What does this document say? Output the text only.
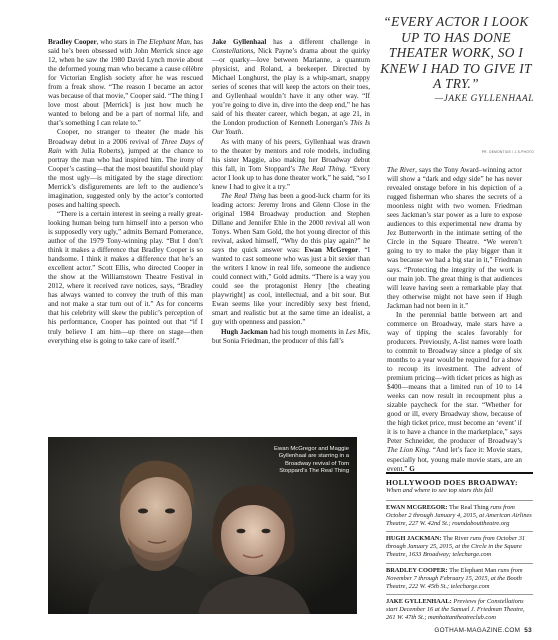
“EVERY ACTOR I LOOK UP TO HAS DONE THEATER WORK, SO I KNEW I HAD TO GIVE IT A TRY.”

—JAKE GYLLENHAAL
PR. DEMONTIUS / J.S.PHOTO

Bradley Cooper, who stars in The Elephant Man, has said he’s been obsessed with John Merrick since age 12, when he saw the 1980 David Lynch movie about the deformed young man who became a cause célèbre for Victorian English society after he was rescued from a freak show. “The reason I became an actor was because of that movie,” Cooper said. “The thing I love most about [Merrick] is just how much he wanted to belong and be a part of normal life, and that’s something I can relate to.”

Cooper, no stranger to theater (he made his Broadway debut in a 2006 revival of Three Days of Rain with Julia Roberts), jumped at the chance to portray the man who had inspired him. The irony of Cooper’s casting—that the most beautiful should play the most ugly—is mitigated by the stage direction: Merrick’s disfigurements are left to the audience’s imagination, suggested only by the actor’s contorted poses and halting speech.

“There is a certain interest in seeing a really great-looking human being turn himself into a person who is supposedly very ugly,” admits Bernard Pomerance, author of the 1979 Tony-winning play. “But I don’t think it makes a difference that Bradley Cooper is so handsome. I think it makes a difference that he’s an excellent actor.” Scott Ellis, who directed Cooper in the show at the Williamstown Theatre Festival in 2012, where it received rave notices, says, “Bradley has always wanted to convey the truth of this man and not make a star turn out of it.” As for concerns that his celebrity will skew the public’s perception of his performance, Cooper has pointed out that “if I truly believe I am him—up there on stage—then everything else is going to take care of itself.”

Jake Gyllenhaal has a different challenge in Constellations, Nick Payne’s drama about the quirky—or quarky—love between Marianne, a quantum physicist, and Roland, a beekeeper. Directed by Michael Longhurst, the play is a whip-smart, snappy series of scenes that will keep the actors on their toes, and Gyllenhaal wouldn’t have it any other way. “If you’re going to dive in, dive into the deep end,” he has said of his theater career, which began, at age 21, in the London production of Kenneth Lonergan’s This Is Our Youth.

As with many of his peers, Gyllenhaal was drawn to the theater by mentors and role models, including his sister Maggie, also making her Broadway debut this fall, in Tom Stoppard’s The Real Thing. “Every actor I look up to has done theater work,” he said, “so I knew I had to give it a try.”

The Real Thing has been a good-luck charm for its leading actors: Jeremy Irons and Glenn Close in the original 1984 Broadway production and Stephen Dillane and Jennifer Ehle in the 2000 revival all won Tonys. When Sam Gold, the hot young director of this revival, asked himself, “Why do this play again?” he says the quick answer was: Ewan McGregor. “I wanted to cast someone who was just a bit sexier than the writers I know in real life, someone the audience could connect with,” Gold admits. “There is a way you could see the protagonist Henry [the cheating playwright] as cool, intellectual, and a bit sour. But Ewan seems like your incredibly sexy best friend, smart and realistic but at the same time an idealist, a guy with openness and passion.”

Hugh Jackman had his tough moments in Les Mis, but Sonia Friedman, the producer of this fall’s

The River, says the Tony Award–winning actor will show a “dark and edgy side” he has never revealed onstage before in his depiction of a rugged fisherman who shares the secrets of a moonless night with two women. Friedman sees Jackman’s star power as a lure to expose audiences to this experimental new drama by Jez Butterworth in the intimate setting of the Circle in the Square Theatre. “We weren’t going to try to make the play bigger than it was because we had a big star in it,” Friedman says. “Protecting the integrity of the work is our main job. The great thing is that audiences will leave having seen a remarkable play that they otherwise might not have seen if Hugh Jackman had not been in it.”

In the perennial battle between art and commerce on Broadway, male stars have a way of tipping the scales favorably for producers. Previously, A-list names were loath to commit to Broadway since a pledge of six months to a year would be required for a show to recoup its investment. The advent of premium pricing—with ticket prices as high as $400—means that a limited run of 10 to 14 weeks can now result in recoupment plus a sizable paycheck for the star. “Whether for good or ill, every Broadway show, because of the high ticket price, must become an ‘event’ if it is to have a chance in the marketplace,” says Peter Schneider, the producer of Broadway’s The Lion King. “And let’s face it: Movie stars, especially hot, young male movie stars, are an event.” G

Ewan McGregor and Maggie Gyllenhaal are starring in a Broadway revival of Tom Stoppard’s The Real Thing
HOLLYWOOD DOES BROADWAY:
When and where to see top stars this fall
EWAN MCGREGOR: The Real Thing runs from October 2 through January 4, 2015, at American Airlines Theatre, 227 W. 42nd St.; roundabouttheatre.org
HUGH JACKMAN: The River runs from October 31 through January 25, 2015, at the Circle in the Square Theatre, 1633 Broadway; telecharge.com
BRADLEY COOPER: The Elephant Man runs from November 7 through February 15, 2015, at the Booth Theatre, 222 W. 45th St.; telecharge.com
JAKE GYLLENHAAL: Previews for Constellations start December 16 at the Samuel J. Friedman Theatre, 261 W. 47th St.; manhattantheatreclub.com
GOTHAM-MAGAZINE.COM 53
